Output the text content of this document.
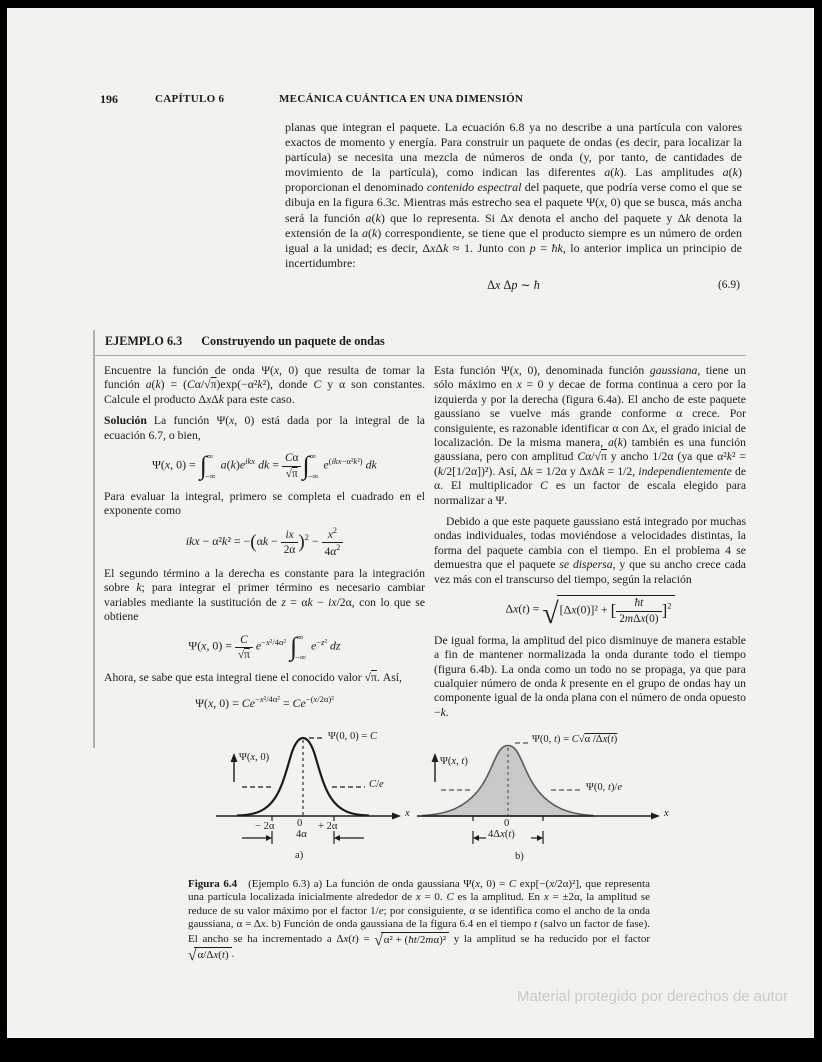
196	CAPÍTULO 6	MECÁNICA CUÁNTICA EN UNA DIMENSIÓN

planas que integran el paquete. La ecuación 6.8 ya no describe a una partícula con valores exactos de momento y energía. Para construir un paquete de ondas (es decir, para localizar la partícula) se necesita una mezcla de números de onda (y, por tanto, de cantidades de movimiento de la partícula), como indican las diferentes a(k). Las amplitudes a(k) proporcionan el denominado contenido espectral del paquete, que podría verse como el que se dibuja en la figura 6.3c. Mientras más estrecho sea el paquete Ψ(x, 0) que se busca, más ancha será la función a(k) que lo representa. Si Δx denota el ancho del paquete y Δk denota la extensión de la a(k) correspondiente, se tiene que el producto siempre es un número de orden igual a la unidad; es decir, ΔxΔk ≈ 1. Junto con p = ħk, lo anterior implica un principio de incertidumbre:

Δx Δp ∼ ħ	(6.9)
EJEMPLO 6.3 Construyendo un paquete de ondas

Encuentre la función de onda Ψ(x, 0) que resulta de tomar la función a(k) = (Cα/√π)exp(−α²k²), donde C y α son constantes. Calcule el producto ΔxΔk para este caso.

Solución La función Ψ(x, 0) está dada por la integral de la ecuación 6.7, o bien,

Ψ(x, 0) = ∫ ∞
−∞
$a(k)e^{ikx}$ dk = $\frac{C\alpha}{√\pi}$ ∫ ∞
−∞
$e^{(ikx-\alpha^2k^2)}$ dk

Para evaluar la integral, primero se completa el cuadrado en el exponente como

ikx − $\alpha^2k^2 = -(\alpha k - \frac{ix}{2\alpha} )^2 - \frac{x^2}{4\alpha^2}$

El segundo término a la derecha es constante para la integración sobre k; para integrar el primer término es necesario cambiar variables mediante la sustitución de z = αk − ix/2α, con lo que se obtiene

Ψ(x, $0) = \frac{C}{√\pi} e^{-x^2/4\alpha^2}$ ∫ ∞
−∞
$e^{-z^2}$ dz

Ahora, se sabe que esta integral tiene el conocido valor √π. Así,

Ψ(x, $0) = Ce^{-x^2/4\alpha^2} = Ce^{-(x/2\alpha)^2}$

Esta función Ψ(x, 0), denominada función gaussiana, tiene un sólo máximo en x = 0 y decae de forma continua a cero por la izquierda y por la derecha (figura 6.4a). El ancho de este paquete gaussiano se vuelve más grande conforme α crece. Por consiguiente, es razonable identificar α con Δx, el grado inicial de localización. De la misma manera, a(k) también es una función gaussiana, pero con amplitud Cα/√π y ancho 1/2α (ya que α²k² = (k/2[1/2α])²). Así, Δk = 1/2α y ΔxΔk = 1/2, independientemente de α. El multiplicador C es un factor de escala elegido para normalizar a Ψ.

Debido a que este paquete gaussiano está integrado por muchas ondas individuales, todas moviéndose a velocidades distintas, la forma del paquete cambia con el tiempo. En el problema 4 se demuestra que el paquete se dispersa, y que su ancho crece cada vez más con el transcurso del tiempo, según la relación

Δx(t) = √ [Δx(0)]² + [ $\frac{ħt}{\text{2mΔx(0)}} ]^2$

De igual forma, la amplitud del pico disminuye de manera estable a fin de mantener normalizada la onda durante todo el tiempo (figura 6.4b). La onda como un todo no se propaga, ya que para cualquier número de onda k presente en el grupo de ondas hay un componente igual de la onda plana con el número de onda opuesto −k.

Ψ(x, 0)
Ψ(0, 0) = C
C/e
x
− 2α 0 + 2α
4α
a)
Ψ(x, t)
Ψ(0, t) = C√α /Δx(t)
Ψ(0, t)/e
x
0
4Δx(t)
b)

Figura 6.4 (Ejemplo 6.3) a) La función de onda gaussiana Ψ(x, 0) = C exp[−(x/2α)²], que representa una partícula localizada inicialmente alrededor de x = 0. C es la amplitud. En x = ±2α, la amplitud se reduce de su valor máximo por el factor 1/e; por consiguiente, α se identifica como el ancho de la onda gaussiana, α = Δx. b) Función de onda gaussiana de la figura 6.4 en el tiempo t (salvo un factor de fase). El ancho se ha incrementado a Δx(t) = √ α² + (ħt/2mα)² y la amplitud se ha reducido por el factor
√ α/Δx(t) .

Material protegido por derechos de autor
